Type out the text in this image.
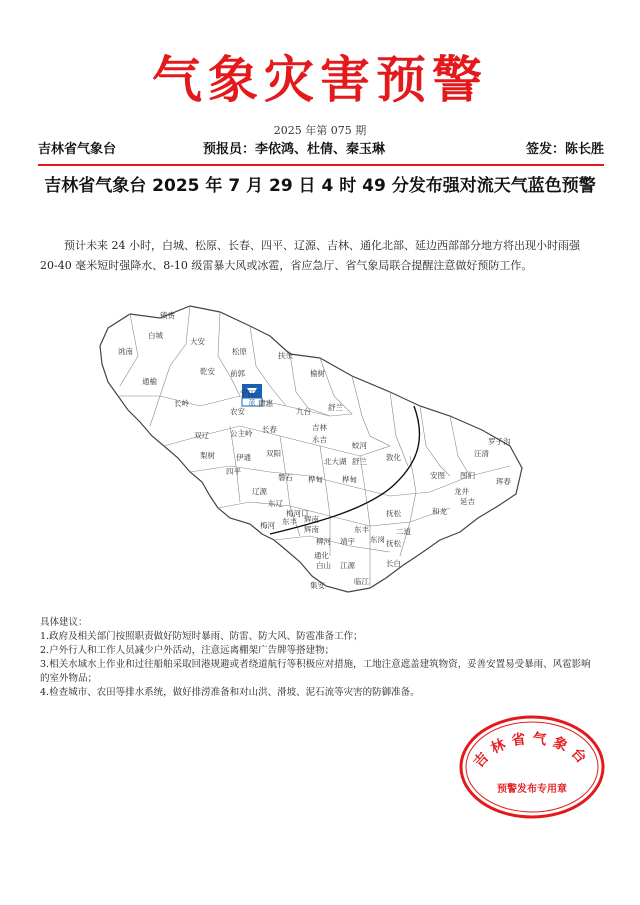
气象灾害预警
2025 年第 075 期
吉林省气象台	预报员：李依鸿、杜倩、秦玉琳	签发：陈长胜
吉林省气象台 2025 年 7 月 29 日 4 时 49 分发布强对流天气蓝色预警
预计未来 24 小时，白城、松原、长春、四平、辽源、吉林、通化北部、延边西部部分地方将出现小时雨强 20-40 毫米短时强降水、8-10 级雷暴大风或冰雹，省应急厅、省气象局联合提醒注意做好预防工作。
蓝
镇赉
洮南
白城
大安
乾安 前郭
松原	扶余
通榆
长岭
宁江
德惠
榆树
舒兰
九台
农安
双辽	公主岭 长春	吉林
永吉
蛟河
敦化	汪清
珲春
图们
安图
龙井
和龙
梨树
四平
伊通 双阳
磐石 桦甸
东辽
辽源
东丰
梅河口
辉南
柳河 靖宇
抚松
通化
白山 江源
临江
长白
集安
延吉
罗子沟
北大湖 舒兰
桦甸
二道
东丰
东岗 抚松
梅河	辉南
具体建议：
1.政府及相关部门按照职责做好防短时暴雨、防雷、防大风、防雹准备工作；
2.户外行人和工作人员减少户外活动，注意远离棚架广告牌等搭建物；
3.相关水域水上作业和过往船舶采取回港规避或者绕道航行等积极应对措施，工地注意遮盖建筑物资，妥善安置易受暴雨、风雹影响的室外物品；
4.检查城市、农田等排水系统，做好排涝准备和对山洪、滑坡、泥石流等灾害的防御准备。
吉林省气象台
预警发布专用章
